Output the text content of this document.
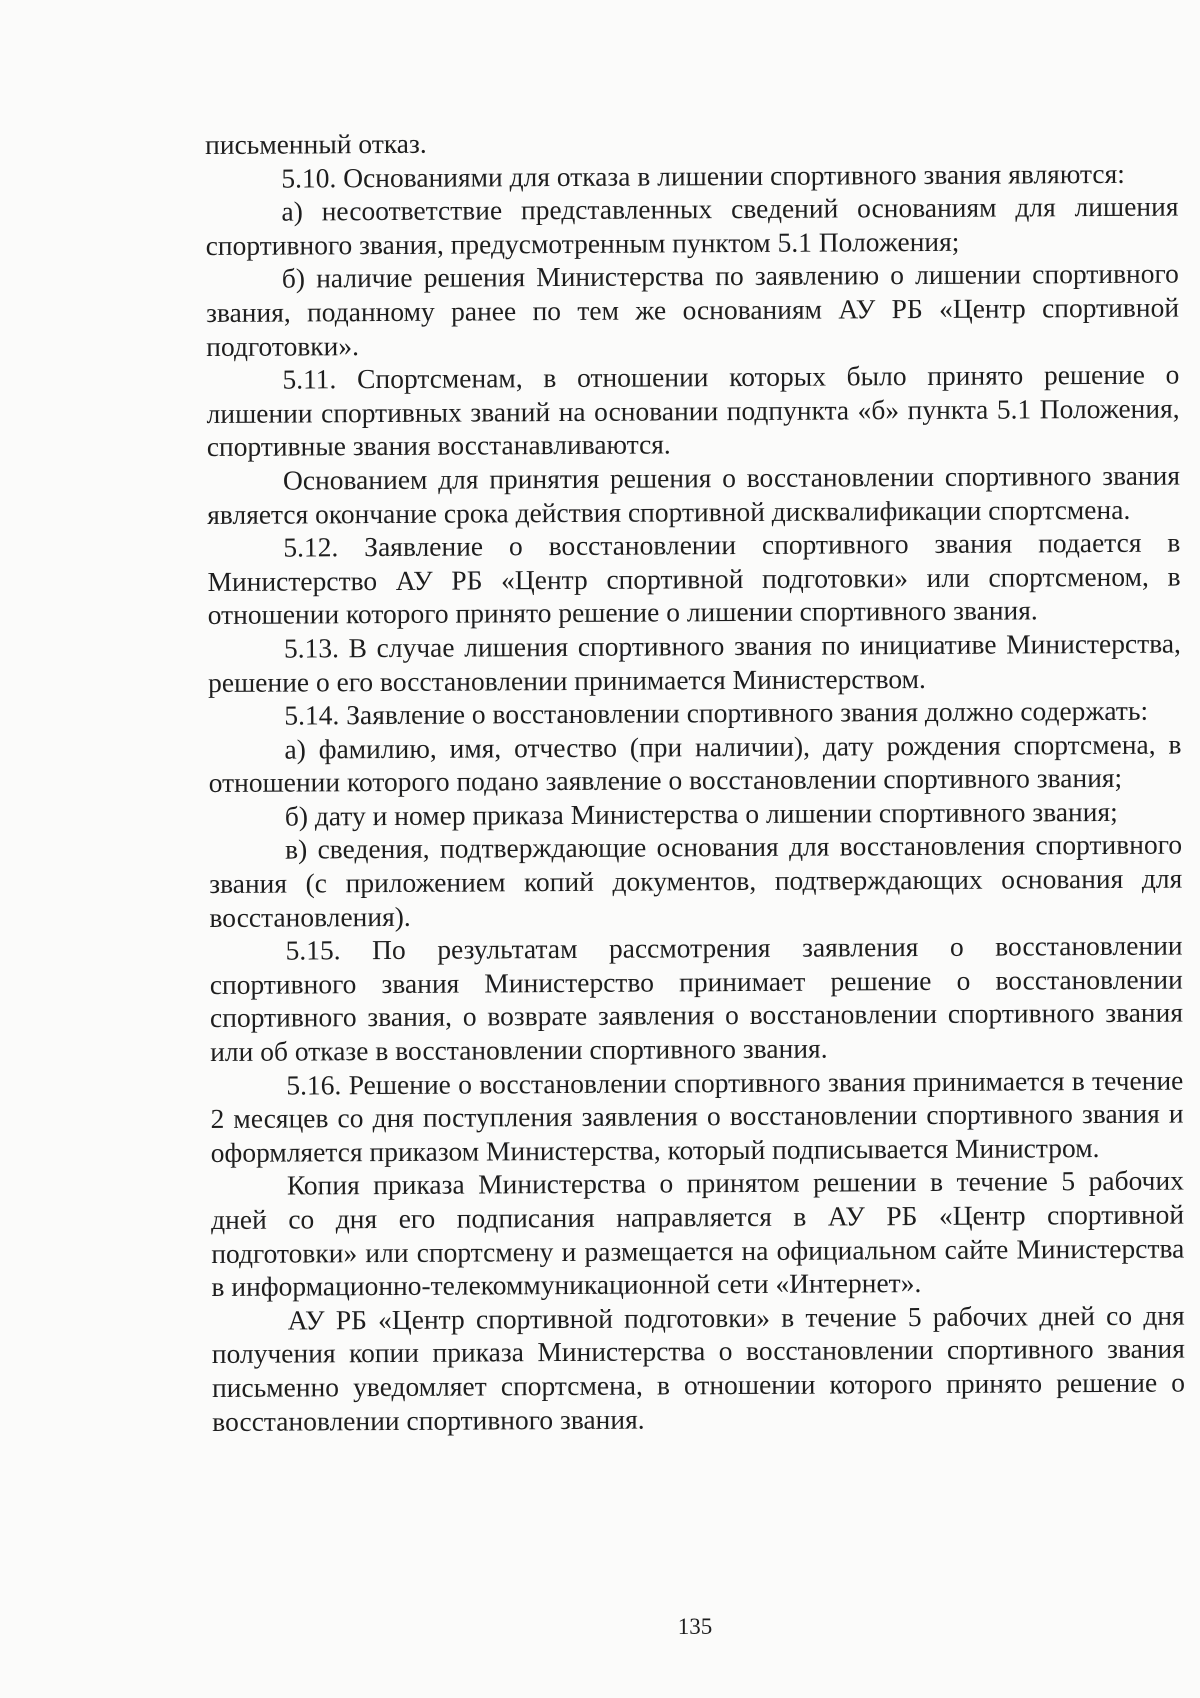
письменный отказ.

5.10. Основаниями для отказа в лишении спортивного звания являются:

а) несоответствие представленных сведений основаниям для лишения спортивного звания, предусмотренным пунктом 5.1 Положения;

б) наличие решения Министерства по заявлению о лишении спортивного звания, поданному ранее по тем же основаниям АУ РБ «Центр спортивной подготовки».

5.11. Спортсменам, в отношении которых было принято решение о лишении спортивных званий на основании подпункта «б» пункта 5.1 Положения, спортивные звания восстанавливаются.

Основанием для принятия решения о восстановлении спортивного звания является окончание срока действия спортивной дисквалификации спортсмена.

5.12. Заявление о восстановлении спортивного звания подается в Министерство АУ РБ «Центр спортивной подготовки» или спортсменом, в отношении которого принято решение о лишении спортивного звания.

5.13. В случае лишения спортивного звания по инициативе Министерства, решение о его восстановлении принимается Министерством.

5.14. Заявление о восстановлении спортивного звания должно содержать:

а) фамилию, имя, отчество (при наличии), дату рождения спортсмена, в отношении которого подано заявление о восстановлении спортивного звания;

б) дату и номер приказа Министерства о лишении спортивного звания;

в) сведения, подтверждающие основания для восстановления спортивного звания (с приложением копий документов, подтверждающих основания для восстановления).

5.15. По результатам рассмотрения заявления о восстановлении спортивного звания Министерство принимает решение о восстановлении спортивного звания, о возврате заявления о восстановлении спортивного звания или об отказе в восстановлении спортивного звания.

5.16. Решение о восстановлении спортивного звания принимается в течение 2 месяцев со дня поступления заявления о восстановлении спортивного звания и оформляется приказом Министерства, который подписывается Министром.

Копия приказа Министерства о принятом решении в течение 5 рабочих дней со дня его подписания направляется в АУ РБ «Центр спортивной подготовки» или спортсмену и размещается на официальном сайте Министерства в информационно-телекоммуникационной сети «Интернет».

АУ РБ «Центр спортивной подготовки» в течение 5 рабочих дней со дня получения копии приказа Министерства о восстановлении спортивного звания письменно уведомляет спортсмена, в отношении которого принято решение о восстановлении спортивного звания.

135
